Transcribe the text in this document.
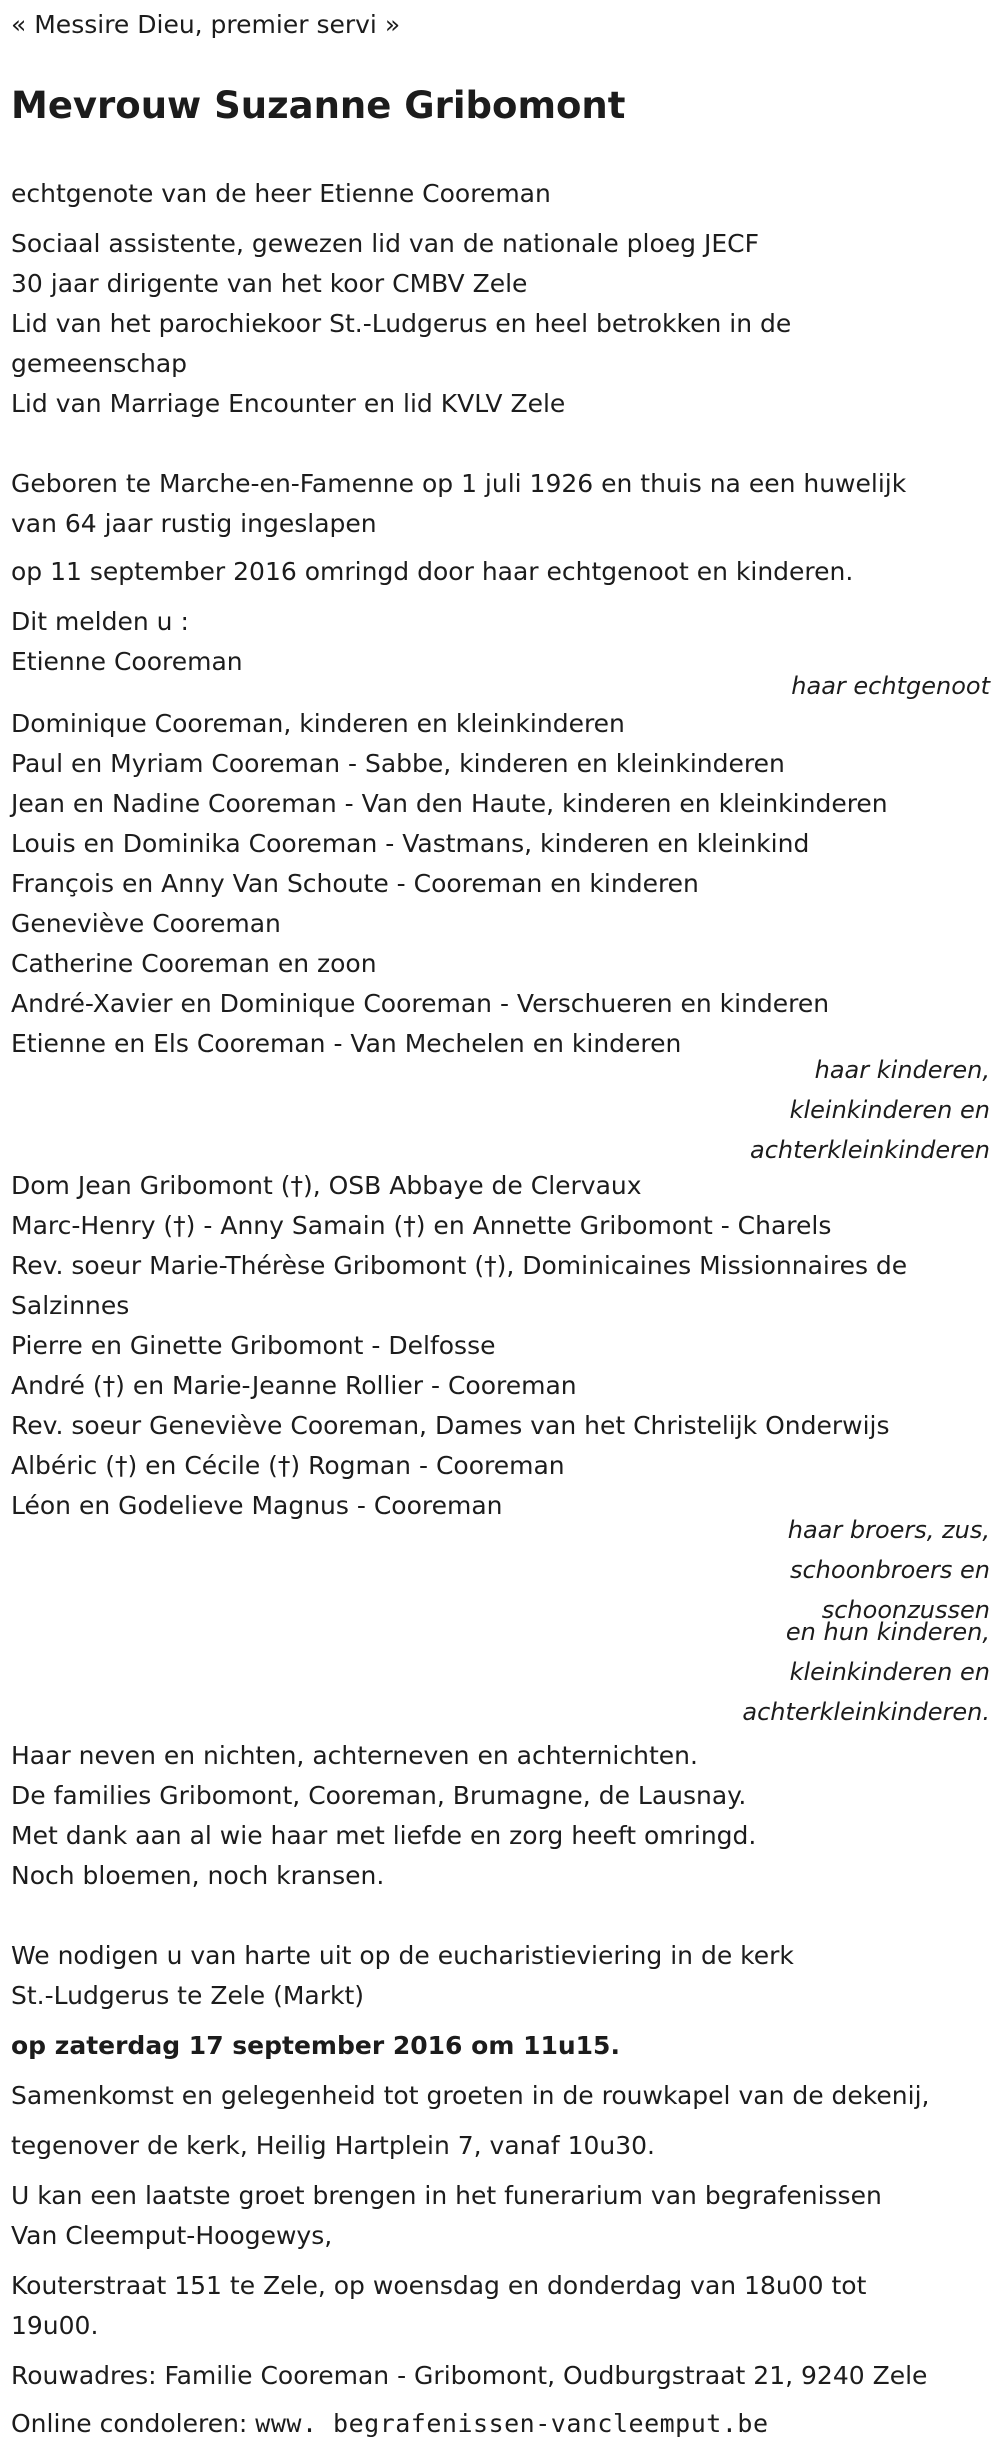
« Messire Dieu, premier servi »

Mevrouw Suzanne Gribomont

echtgenote van de heer Etienne Cooreman

Sociaal assistente, gewezen lid van de nationale ploeg JECF

30 jaar dirigente van het koor CMBV Zele

Lid van het parochiekoor St.-Ludgerus en heel betrokken in de

gemeenschap

Lid van Marriage Encounter en lid KVLV Zele

Geboren te Marche-en-Famenne op 1 juli 1926 en thuis na een huwelijk

van 64 jaar rustig ingeslapen

op 11 september 2016 omringd door haar echtgenoot en kinderen.

Dit melden u :

Etienne Cooreman

haar echtgenoot

Dominique Cooreman, kinderen en kleinkinderen

Paul en Myriam Cooreman - Sabbe, kinderen en kleinkinderen

Jean en Nadine Cooreman - Van den Haute, kinderen en kleinkinderen

Louis en Dominika Cooreman - Vastmans, kinderen en kleinkind

François en Anny Van Schoute - Cooreman en kinderen

Geneviève Cooreman

Catherine Cooreman en zoon

André-Xavier en Dominique Cooreman - Verschueren en kinderen

Etienne en Els Cooreman - Van Mechelen en kinderen

haar kinderen,

kleinkinderen en

achterkleinkinderen

Dom Jean Gribomont (†), OSB Abbaye de Clervaux

Marc-Henry (†) - Anny Samain (†) en Annette Gribomont - Charels

Rev. soeur Marie-Thérèse Gribomont (†), Dominicaines Missionnaires de

Salzinnes

Pierre en Ginette Gribomont - Delfosse

André (†) en Marie-Jeanne Rollier - Cooreman

Rev. soeur Geneviève Cooreman, Dames van het Christelijk Onderwijs

Albéric (†) en Cécile (†) Rogman - Cooreman

Léon en Godelieve Magnus - Cooreman

haar broers, zus,

schoonbroers en

schoonzussen

en hun kinderen,

kleinkinderen en

achterkleinkinderen.

Haar neven en nichten, achterneven en achternichten.

De families Gribomont, Cooreman, Brumagne, de Lausnay.

Met dank aan al wie haar met liefde en zorg heeft omringd.

Noch bloemen, noch kransen.

We nodigen u van harte uit op de eucharistieviering in de kerk

St.-Ludgerus te Zele (Markt)

op zaterdag 17 september 2016 om 11u15.

Samenkomst en gelegenheid tot groeten in de rouwkapel van de dekenij,

tegenover de kerk, Heilig Hartplein 7, vanaf 10u30.

U kan een laatste groet brengen in het funerarium van begrafenissen

Van Cleemput-Hoogewys,

Kouterstraat 151 te Zele, op woensdag en donderdag van 18u00 tot

19u00.

Rouwadres: Familie Cooreman - Gribomont, Oudburgstraat 21, 9240 Zele

Online condoleren: www. begrafenissen-vancleemput.be
